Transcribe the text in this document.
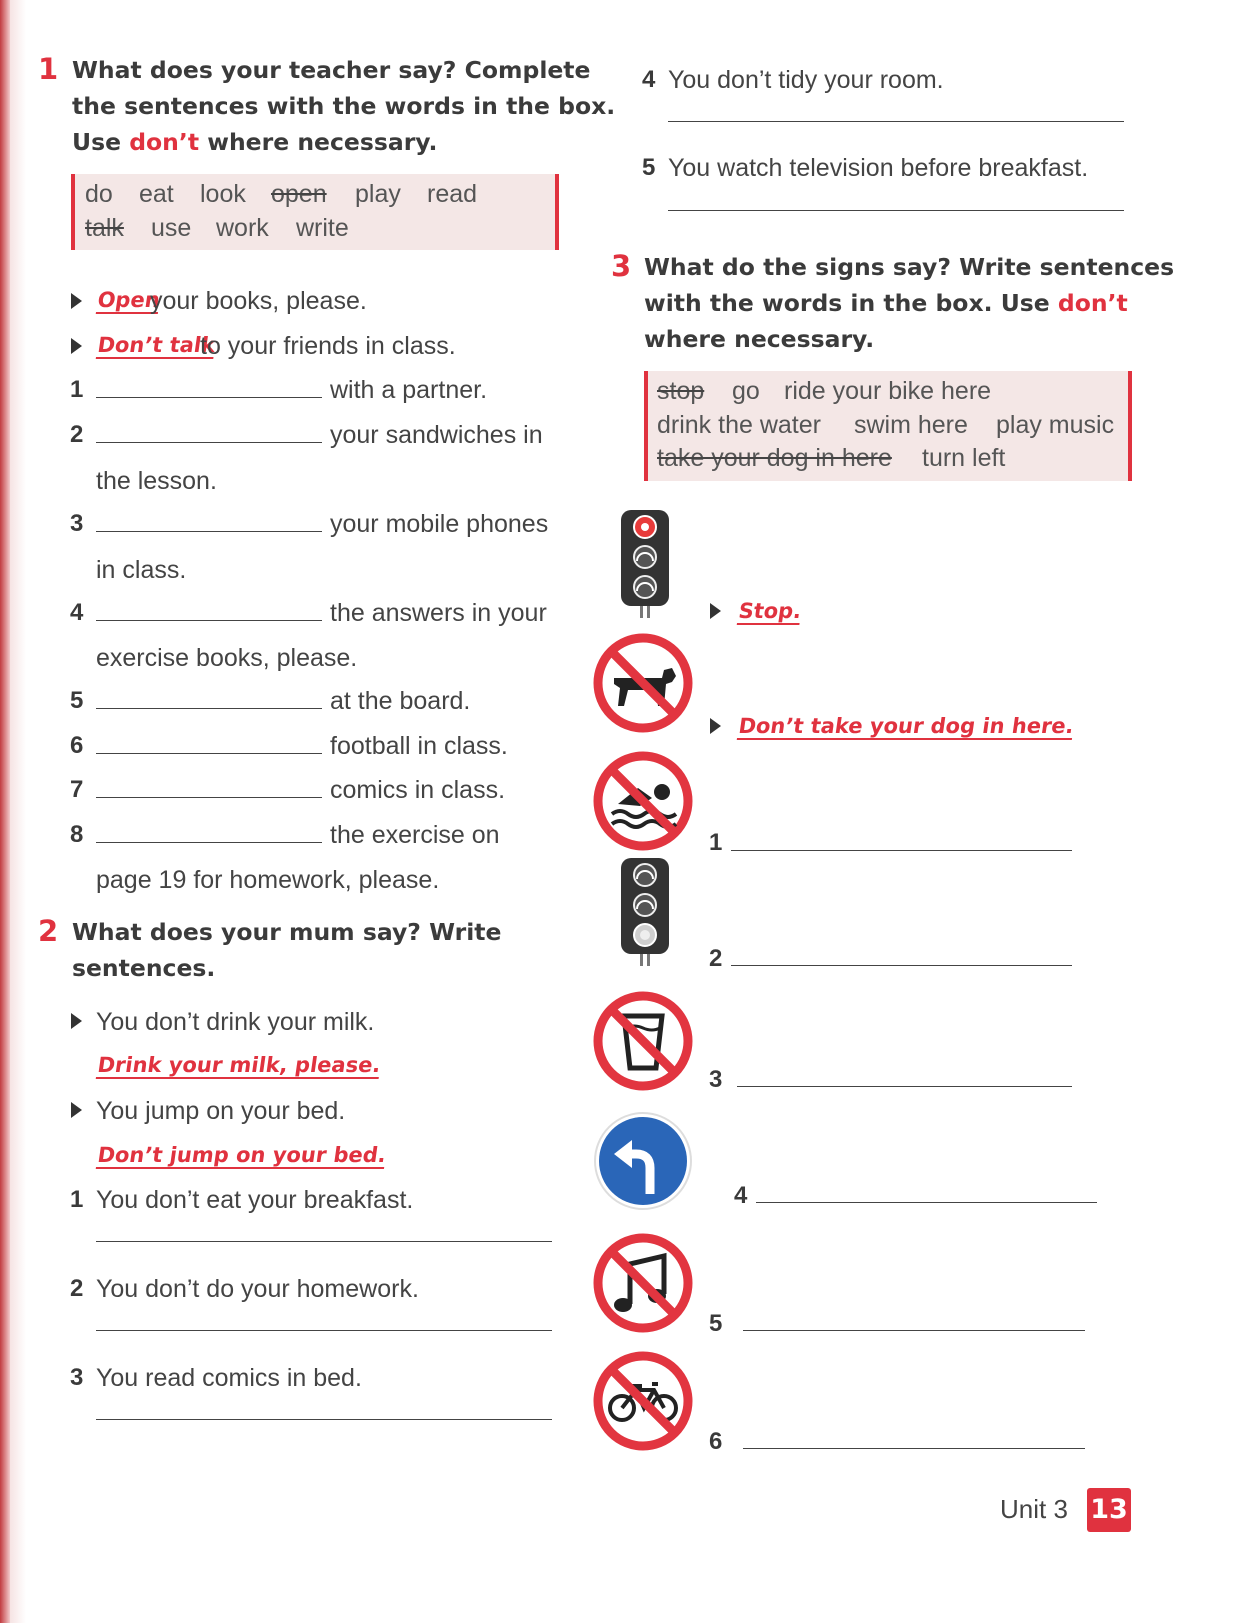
1 What does your teacher say? Complete
the sentences with the words in the box.
Use don’t where necessary.
do eat look open play read
talk use work write
Open
your books, please.
Don’t talk
to your friends in class.
1	with a partner.
2	your sandwiches in
the lesson.
3	your mobile phones
in class.
4	the answers in your
exercise books, please.
5	at the board.
6	football in class.
7	comics in class.
8	the exercise on
page 19 for homework, please.
2 What does your mum say? Write
sentences.
You don’t drink your milk.
Drink your milk, please.
You jump on your bed.
Don’t jump on your bed.
1 You don’t eat your breakfast.
2 You don’t do your homework.
3 You read comics in bed.
4 You don’t tidy your room.
5 You watch television before breakfast.
3 What do the signs say? Write sentences
with the words in the box. Use don’t
where necessary.
stop go ride your bike here
drink the water swim here play music
take your dog in here turn left
Stop.
Don’t take your dog in here.
1
2
3
4
5
6
Unit 3 13
